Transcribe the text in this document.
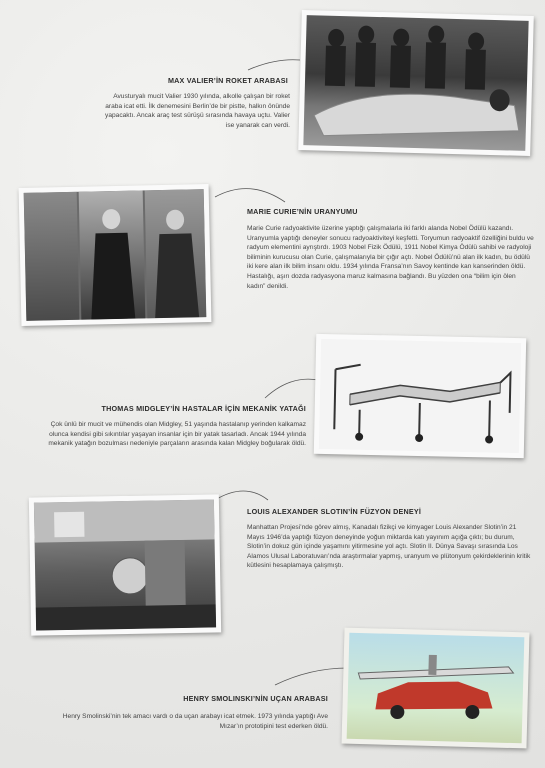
MAX VALIER’İN ROKET ARABASI
Avusturyalı mucit Valier 1930 yılında, alkolle çalışan bir roket araba icat etti. İlk denemesini Berlin’de bir pistte, halkın önünde yapacaktı. Ancak araç test sürüşü sırasında havaya uçtu. Valier ise yanarak can verdi.
MARIE CURIE’NİN URANYUMU
Marie Curie radyoaktivite üzerine yaptığı çalışmalarla iki farklı alanda Nobel Ödülü kazandı. Uranyumla yaptığı deneyler sonucu radyoaktiviteyi keşfetti. Toryumun radyoaktif özelliğini buldu ve radyum elementini ayrıştırdı. 1903 Nobel Fizik Ödülü, 1911 Nobel Kimya Ödülü sahibi ve radyoloji biliminin kurucusu olan Curie, çalışmalarıyla bir çığır açtı. Nobel Ödülü’nü alan ilk kadın, bu ödülü iki kere alan ilk bilim insanı oldu. 1934 yılında Fransa’nın Savoy kentinde kan kanserinden öldü. Hastalığı, aşırı dozda radyasyona maruz kalmasına bağlandı. Bu yüzden ona “bilim için ölen kadın” denildi.
THOMAS MIDGLEY’İN HASTALAR İÇİN MEKANİK YATAĞI
Çok ünlü bir mucit ve mühendis olan Midgley, 51 yaşında hastalanıp yerinden kalkamaz olunca kendisi gibi sıkıntılar yaşayan insanlar için bir yatak tasarladı. Ancak 1944 yılında mekanik yatağın bozulması nedeniyle parçaların arasında kalan Midgley boğularak öldü.
LOUIS ALEXANDER SLOTIN’İN FÜZYON DENEYİ
Manhattan Projesi’nde görev almış, Kanadalı fizikçi ve kimyager Louis Alexander Slotin’in 21 Mayıs 1946’da yaptığı füzyon deneyinde yoğun miktarda katı yayınım açığa çıktı; bu durum, Slotin’in dokuz gün içinde yaşamını yitirmesine yol açtı. Slotin II. Dünya Savaşı sırasında Los Alamos Ulusal Laboratuvarı’nda araştırmalar yapmış, uranyum ve plütonyum çekirdeklerinin kritik kütlesini hesaplamaya çalışmıştı.
HENRY SMOLINSKI’NİN UÇAN ARABASI
Henry Smolinski’nin tek amacı vardı o da uçan arabayı icat etmek. 1973 yılında yaptığı Ave Mızar’ın prototipini test ederken öldü.
